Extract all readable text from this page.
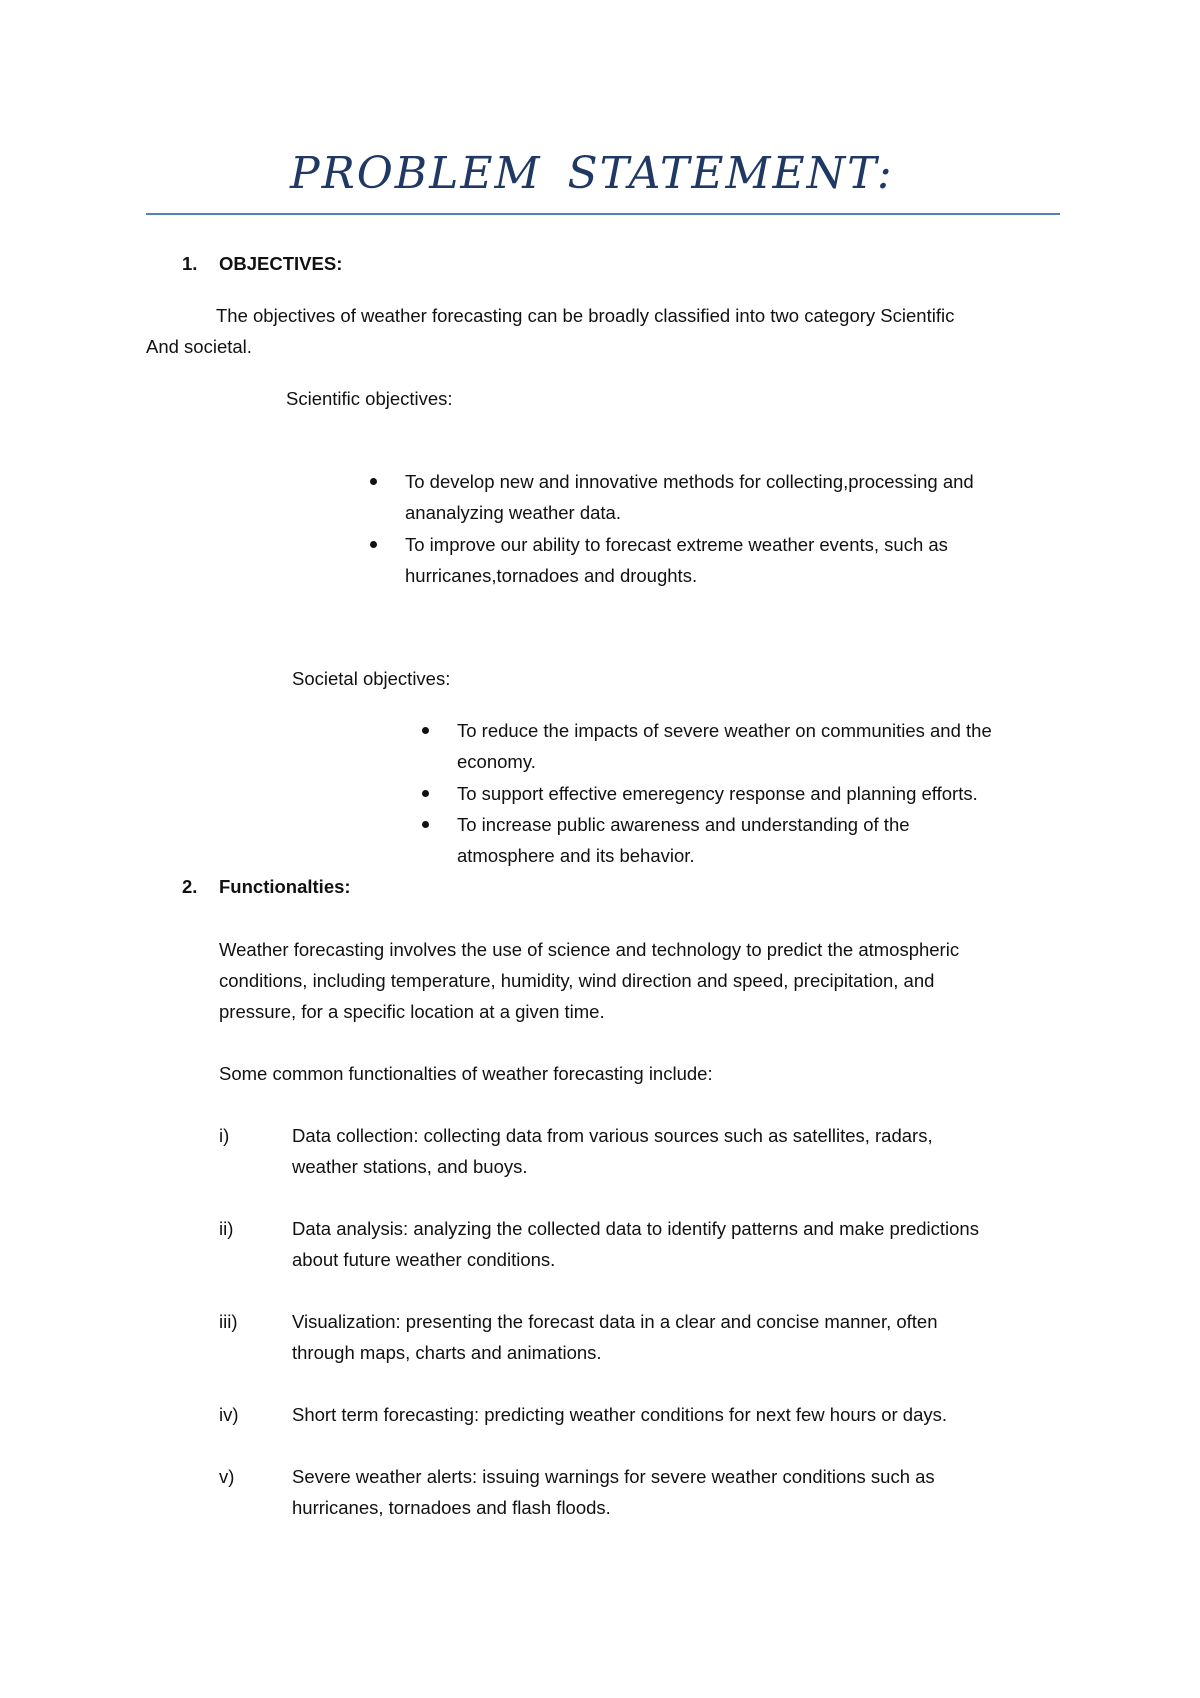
PROBLEM STATEMENT:
1. OBJECTIVES:
The objectives of weather forecasting can be broadly classified into two category Scientific
And societal.
Scientific objectives:
To develop new and innovative methods for collecting,processing and
ananalyzing weather data.
To improve our ability to forecast extreme weather events, such as
hurricanes,tornadoes and droughts.
Societal objectives:
To reduce the impacts of severe weather on communities and the
economy.
To support effective emeregency response and planning efforts.
To increase public awareness and understanding of the
atmosphere and its behavior.
2. Functionalties:
Weather forecasting involves the use of science and technology to predict the atmospheric
conditions, including temperature, humidity, wind direction and speed, precipitation, and
pressure, for a specific location at a given time.
Some common functionalties of weather forecasting include:
i)	Data collection: collecting data from various sources such as satellites, radars,
weather stations, and buoys.
ii)	Data analysis: analyzing the collected data to identify patterns and make predictions
about future weather conditions.
iii)	Visualization: presenting the forecast data in a clear and concise manner, often
through maps, charts and animations.
iv)	Short term forecasting: predicting weather conditions for next few hours or days.
v)	Severe weather alerts: issuing warnings for severe weather conditions such as
hurricanes, tornadoes and flash floods.
